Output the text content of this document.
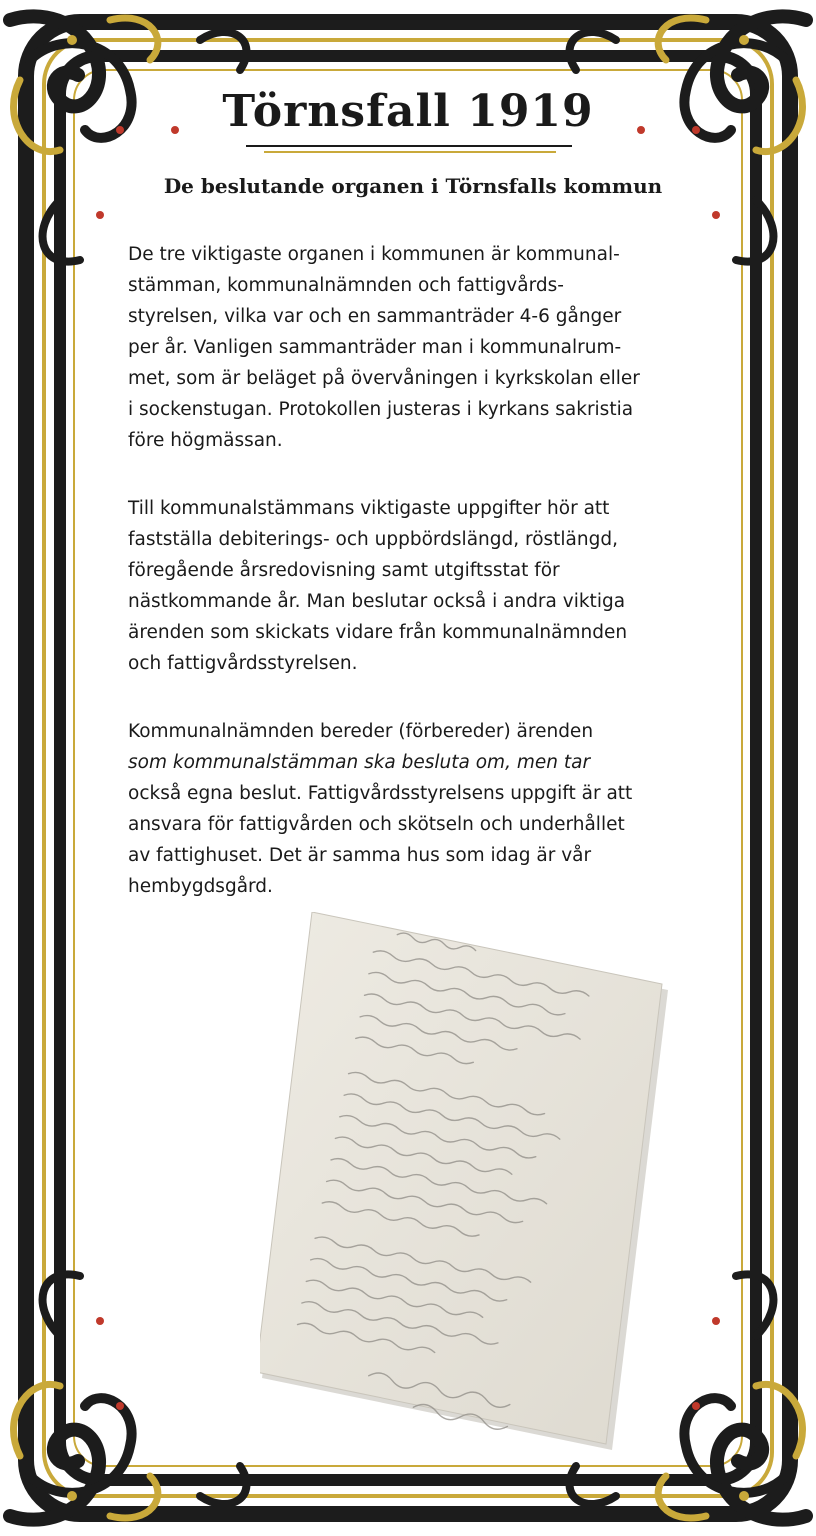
Törnsfall 1919
De beslutande organen i Törnsfalls kommun
De tre viktigaste organen i kommunen är kommunal-
stämman, kommunalnämnden och fattigvårds-
styrelsen, vilka var och en sammanträder 4-6 gånger
per år. Vanligen sammanträder man i kommunalrum-
met, som är beläget på övervåningen i kyrkskolan eller
i sockenstugan. Protokollen justeras i kyrkans sakristia
före högmässan.
Till kommunalstämmans viktigaste uppgifter hör att
fastställa debiterings- och uppbördslängd, röstlängd,
föregående årsredovisning samt utgiftsstat för
nästkommande år. Man beslutar också i andra viktiga
ärenden som skickats vidare från kommunalnämnden
och fattigvårdsstyrelsen.
Kommunalnämnden bereder (förbereder) ärenden
som kommunalstämman ska besluta om, men tar
också egna beslut. Fattigvårdsstyrelsens uppgift är att
ansvara för fattigvården och skötseln och underhållet
av fattighuset. Det är samma hus som idag är vår
hembygdsgård.
